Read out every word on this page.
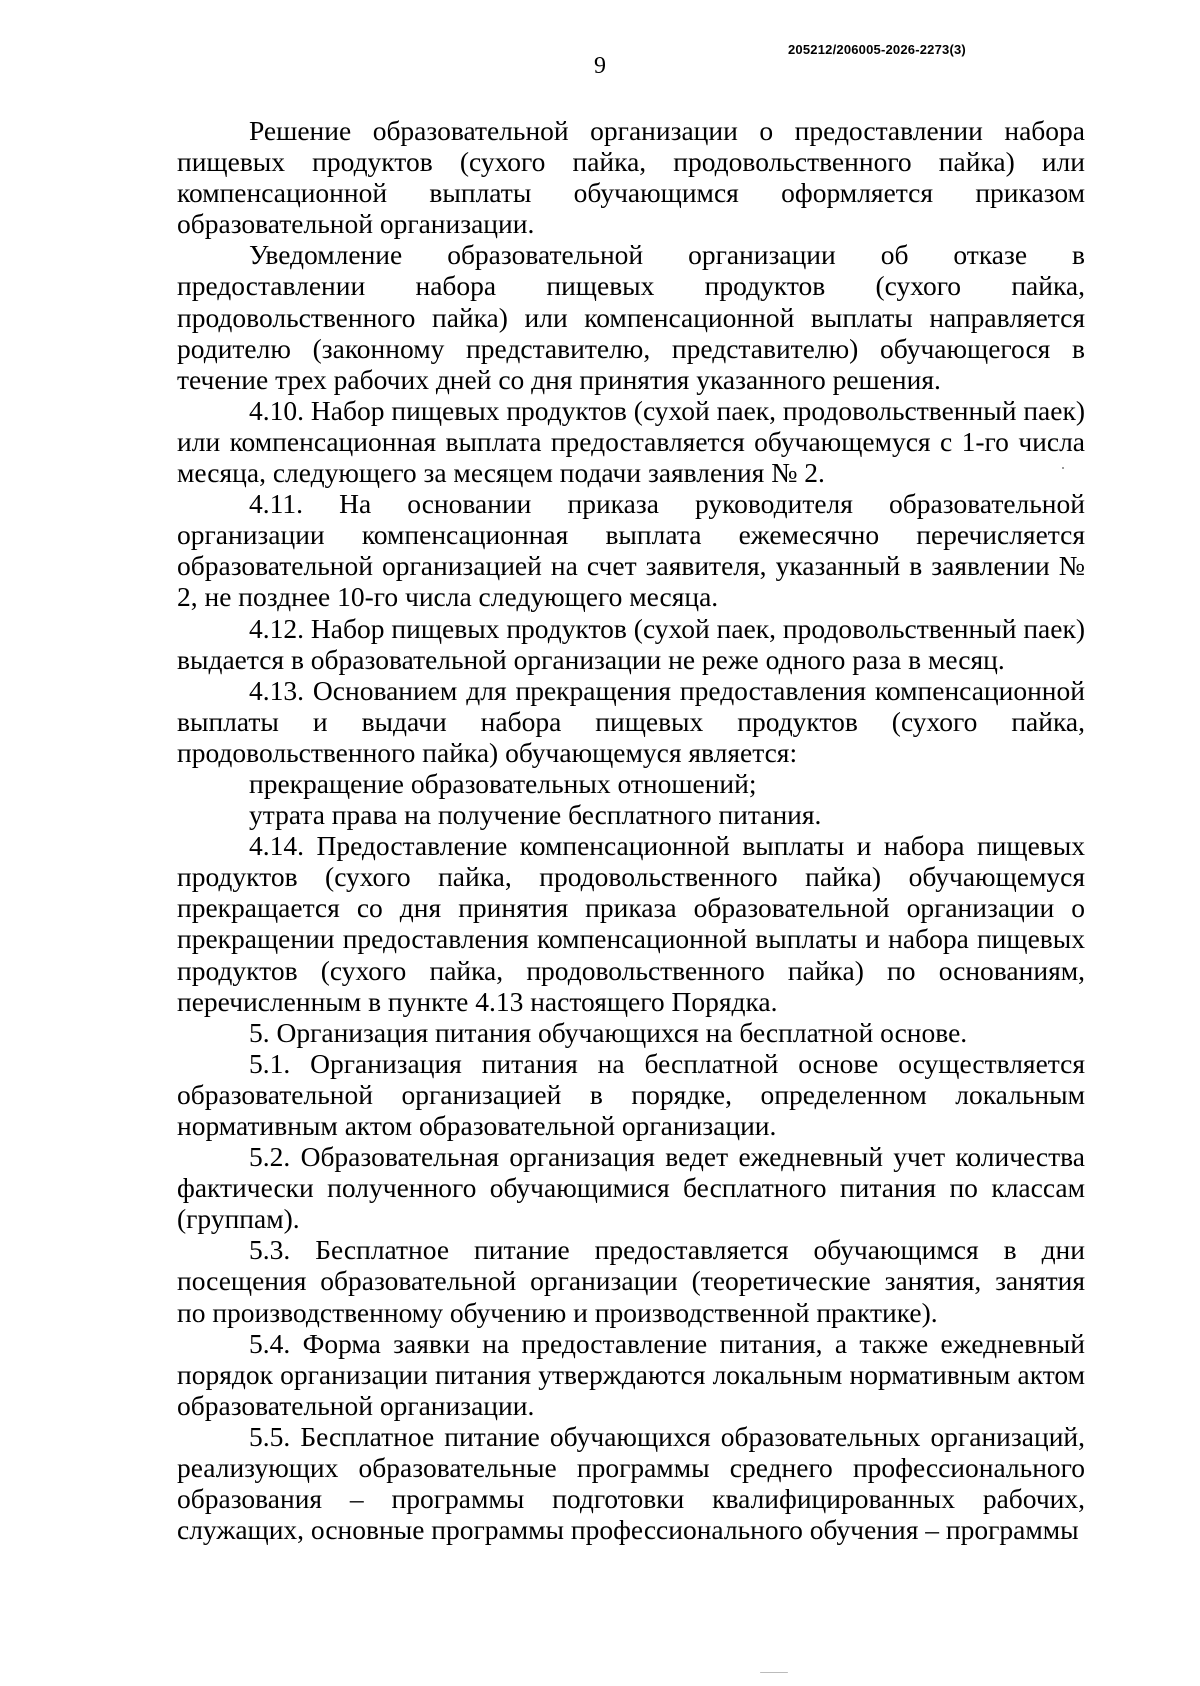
9
205212/206005-2026-2273(3)

Решение образовательной организации о предоставлении набора пищевых продуктов (сухого пайка, продовольственного пайка) или компенсационной выплаты обучающимся оформляется приказом образовательной организации.

Уведомление образовательной организации об отказе в предоставлении набора пищевых продуктов (сухого пайка, продовольственного пайка) или компенсационной выплаты направляется родителю (законному представителю, представителю) обучающегося в течение трех рабочих дней со дня принятия указанного решения.

4.10. Набор пищевых продуктов (сухой паек, продовольственный паек) или компенсационная выплата предоставляется обучающемуся с 1-го числа месяца, следующего за месяцем подачи заявления № 2.

4.11. На основании приказа руководителя образовательной организации компенсационная выплата ежемесячно перечисляется образовательной организацией на счет заявителя, указанный в заявлении № 2, не позднее 10-го числа следующего месяца.

4.12. Набор пищевых продуктов (сухой паек, продовольственный паек) выдается в образовательной организации не реже одного раза в месяц.

4.13. Основанием для прекращения предоставления компенсационной выплаты и выдачи набора пищевых продуктов (сухого пайка, продовольственного пайка) обучающемуся является:

прекращение образовательных отношений;

утрата права на получение бесплатного питания.

4.14. Предоставление компенсационной выплаты и набора пищевых продуктов (сухого пайка, продовольственного пайка) обучающемуся прекращается со дня принятия приказа образовательной организации о прекращении предоставления компенсационной выплаты и набора пищевых продуктов (сухого пайка, продовольственного пайка) по основаниям, перечисленным в пункте 4.13 настоящего Порядка.

5. Организация питания обучающихся на бесплатной основе.

5.1. Организация питания на бесплатной основе осуществляется образовательной организацией в порядке, определенном локальным нормативным актом образовательной организации.

5.2. Образовательная организация ведет ежедневный учет количества фактически полученного обучающимися бесплатного питания по классам (группам).

5.3. Бесплатное питание предоставляется обучающимся в дни посещения образовательной организации (теоретические занятия, занятия по производственному обучению и производственной практике).

5.4. Форма заявки на предоставление питания, а также ежедневный порядок организации питания утверждаются локальным нормативным актом образовательной организации.

5.5. Бесплатное питание обучающихся образовательных организаций, реализующих образовательные программы среднего профессионального образования – программы подготовки квалифицированных рабочих, служащих, основные программы профессионального обучения – программы
